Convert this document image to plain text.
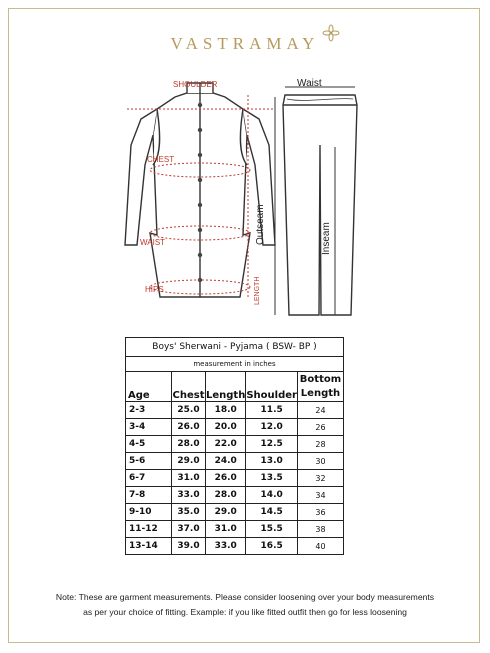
VASTRAMAY
SHOULDER
CHEST
WAIST
HIPS	LENGTH
Waist
Outseam	Inseam
Boys' Sherwani - Pyjama ( BSW- BP )				
measurement in inches				
Age	Chest	Length	Shoulder	Bottom Length
2-3	25.0	18.0	11.5	24
3-4	26.0	20.0	12.0	26
4-5	28.0	22.0	12.5	28
5-6	29.0	24.0	13.0	30
6-7	31.0	26.0	13.5	32
7-8	33.0	28.0	14.0	34
9-10	35.0	29.0	14.5	36
11-12	37.0	31.0	15.5	38
13-14	39.0	33.0	16.5	40
Note: These are garment measurements. Please consider loosening over your body measurements
as per your choice of fitting. Example: if you like fitted outfit then go for less loosening
